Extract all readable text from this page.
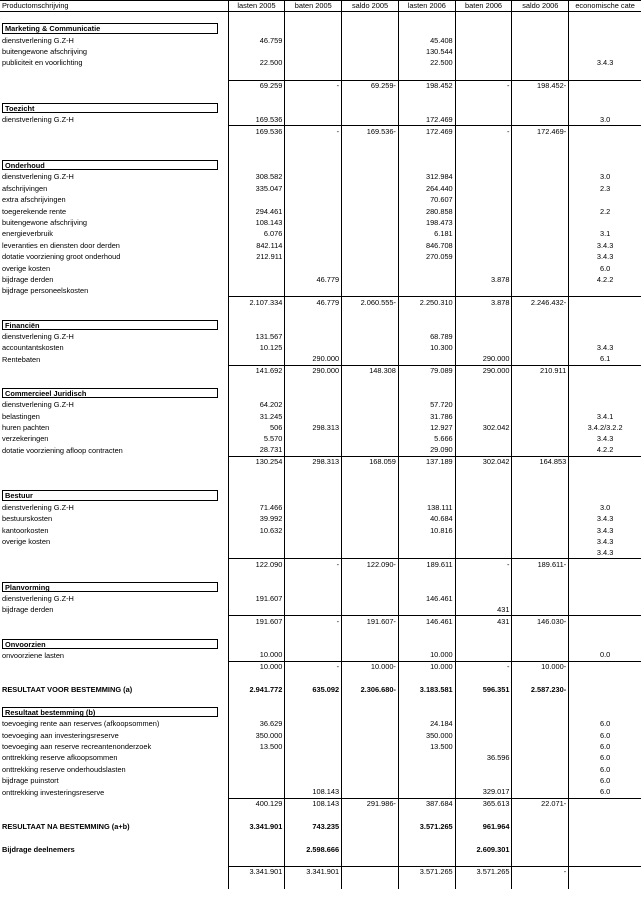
Productomschrijving	lasten 2005	baten 2005	saldo 2005	lasten 2006	baten 2006	saldo 2006	economische cate

Marketing & Communicatie							
dienstverlening G.Z-H	46.759			45.408			
buitengewone afschrijving				130.544			
publiciteit en voorlichting	22.500			22.500			3.4.3

	69.259	-	69.259-	198.452	-	198.452-	

Toezicht							
dienstverlening G.Z-H	169.536			172.469			3.0
	169.536	-	169.536-	172.469	-	172.469-	

Onderhoud							
dienstverlening G.Z-H	308.582			312.984			3.0
afschrijvingen	335.047			264.440			2.3
extra afschrijvingen				70.607			
toegerekende rente	294.461			280.858			2.2
buitengewone afschrijving	108.143			198.473			
energieverbruik	6.076			6.181			3.1
leveranties en diensten door derden	842.114			846.708			3.4.3
dotatie voorziening groot onderhoud	212.911			270.059			3.4.3
overige kosten							6.0
bijdrage derden		46.779			3.878		4.2.2
bijdrage personeelskosten							
	2.107.334	46.779	2.060.555-	2.250.310	3.878	2.246.432-	

Financiën							
dienstverlening G.Z-H	131.567			68.789			
accountantskosten	10.125			10.300			3.4.3
Rentebaten		290.000			290.000		6.1
	141.692	290.000	148.308	79.089	290.000	210.911	

Commercieel Juridisch							
dienstverlening G.Z-H	64.202			57.720			
belastingen	31.245			31.786			3.4.1
huren pachten	506	298.313		12.927	302.042		3.4.2/3.2.2
verzekeringen	5.570			5.666			3.4.3
dotatie voorziening afloop contracten	28.731			29.090			4.2.2
	130.254	298.313	168.059	137.189	302.042	164.853	

Bestuur							
dienstverlening G.Z-H	71.466			138.111			3.0
bestuurskosten	39.992			40.684			3.4.3
kantoorkosten	10.632			10.816			3.4.3
overige kosten							3.4.3
							3.4.3
	122.090	-	122.090-	189.611	-	189.611-	

Planvorming							
dienstverlening G.Z-H	191.607			146.461			
bijdrage derden					431		
	191.607	-	191.607-	146.461	431	146.030-	

Onvoorzien							
onvoorziene lasten	10.000			10.000			0.0
	10.000	-	10.000-	10.000	-	10.000-	

RESULTAAT VOOR BESTEMMING (a)	2.941.772	635.092	2.306.680-	3.183.581	596.351	2.587.230-	

Resultaat bestemming (b)							
toevoeging rente aan reserves (afkoopsommen)	36.629			24.184			6.0
toevoeging aan investeringsreserve	350.000			350.000			6.0
toevoeging aan reserve recreantenonderzoek	13.500			13.500			6.0
onttrekking reserve afkoopsommen					36.596		6.0
onttrekking reserve onderhoudslasten							6.0
bijdrage puinstort							6.0
onttrekking investeringsreserve		108.143			329.017		6.0
	400.129	108.143	291.986-	387.684	365.613	22.071-	

RESULTAAT NA BESTEMMING (a+b)	3.341.901	743.235		3.571.265	961.964		

Bijdrage deelnemers		2.598.666			2.609.301		

	3.341.901	3.341.901		3.571.265	3.571.265	-	
